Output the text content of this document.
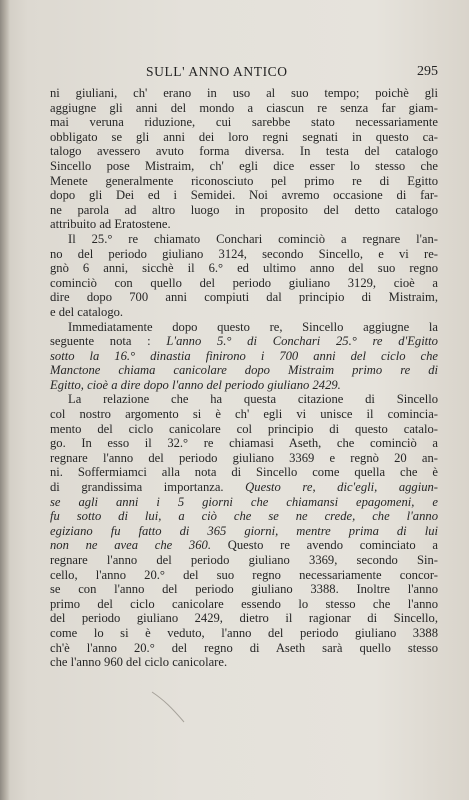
SULL' ANNO ANTICO	295
ni giuliani, ch' erano in uso al suo tempo; poichè gli
aggiugne gli anni del mondo a ciascun re senza far giam-
mai veruna riduzione, cui sarebbe stato necessariamente
obbligato se gli anni dei loro regni segnati in questo ca-
talogo avessero avuto forma diversa. In testa del catalogo
Sincello pose Mistraim, ch' egli dice esser lo stesso che
Menete generalmente riconosciuto pel primo re di Egitto
dopo gli Dei ed i Semidei. Noi avremo occasione di far-
ne parola ad altro luogo in proposito del detto catalogo
attribuito ad Eratostene.
Il 25.° re chiamato Conchari cominciò a regnare l'an-
no del periodo giuliano 3124, secondo Sincello, e vi re-
gnò 6 anni, sicchè il 6.° ed ultimo anno del suo regno
cominciò con quello del periodo giuliano 3129, cioè a
dire dopo 700 anni compiuti dal principio di Mistraim,
e del catalogo.
Immediatamente dopo questo re, Sincello aggiugne la
seguente nota : L'anno 5.° di Conchari 25.° re d'Egitto
sotto la 16.° dinastia finirono i 700 anni del ciclo che
Manctone chiama canicolare dopo Mistraim primo re di
Egitto, cioè a dire dopo l'anno del periodo giuliano 2429.
La relazione che ha questa citazione di Sincello
col nostro argomento si è ch' egli vi unisce il comincia-
mento del ciclo canicolare col principio di questo catalo-
go. In esso il 32.° re chiamasi Aseth, che cominciò a
regnare l'anno del periodo giuliano 3369 e regnò 20 an-
ni. Soffermiamci alla nota di Sincello come quella che è
di grandissima importanza. Questo re, dic'egli, aggiun-
se agli anni i 5 giorni che chiamansi epagomeni, e
fu sotto di lui, a ciò che se ne crede, che l'anno
egiziano fu fatto di 365 giorni, mentre prima di lui
non ne avea che 360. Questo re avendo cominciato a
regnare l'anno del periodo giuliano 3369, secondo Sin-
cello, l'anno 20.° del suo regno necessariamente concor-
se con l'anno del periodo giuliano 3388. Inoltre l'anno
primo del ciclo canicolare essendo lo stesso che l'anno
del periodo giuliano 2429, dietro il ragionar di Sincello,
come lo si è veduto, l'anno del periodo giuliano 3388
ch'è l'anno 20.° del regno di Aseth sarà quello stesso
che l'anno 960 del ciclo canicolare.
